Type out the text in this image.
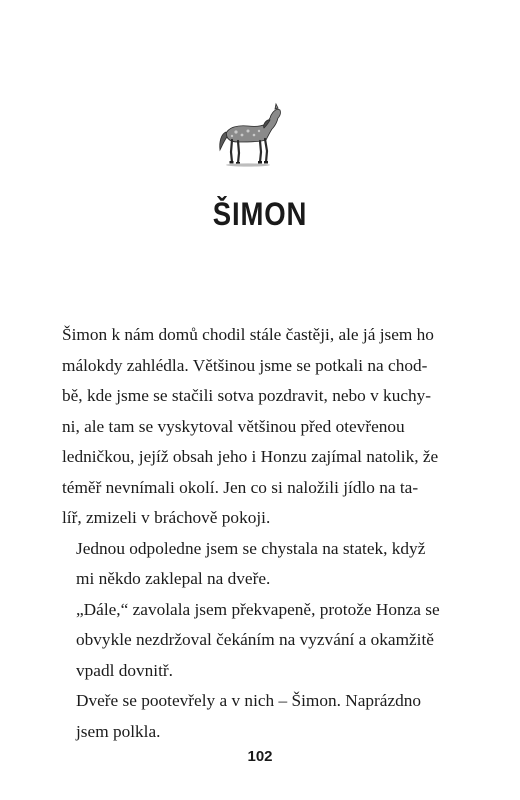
ŠIMON

Šimon k nám domů chodil stále častěji, ale já jsem ho
málokdy zahlédla. Většinou jsme se potkali na chod-
bě, kde jsme se stačili sotva pozdravit, nebo v kuchy-
ni, ale tam se vyskytoval většinou před otevřenou
ledničkou, jejíž obsah jeho i Honzu zajímal natolik, že
téměř nevnímali okolí. Jen co si naložili jídlo na ta-
líř, zmizeli v bráchově pokoji.

Jednou odpoledne jsem se chystala na statek, když
mi někdo zaklepal na dveře.

„Dále,“ zavolala jsem překvapeně, protože Honza se
obvykle nezdržoval čekáním na vyzvání a okamžitě
vpadl dovnitř.

Dveře se pootevřely a v nich – Šimon. Naprázdno
jsem polkla.

102
